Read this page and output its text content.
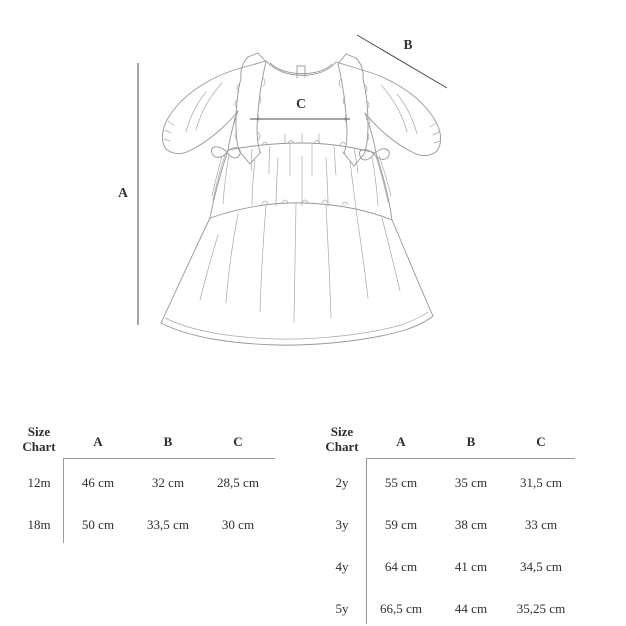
A
B
C
Size Chart	A	B	C
12m	46 cm	32 cm	28,5 cm
18m	50 cm	33,5 cm	30 cm
Size Chart	A	B	C
2y	55 cm	35 cm	31,5 cm
3y	59 cm	38 cm	33 cm
4y	64 cm	41 cm	34,5 cm
5y	66,5 cm	44 cm	35,25 cm
